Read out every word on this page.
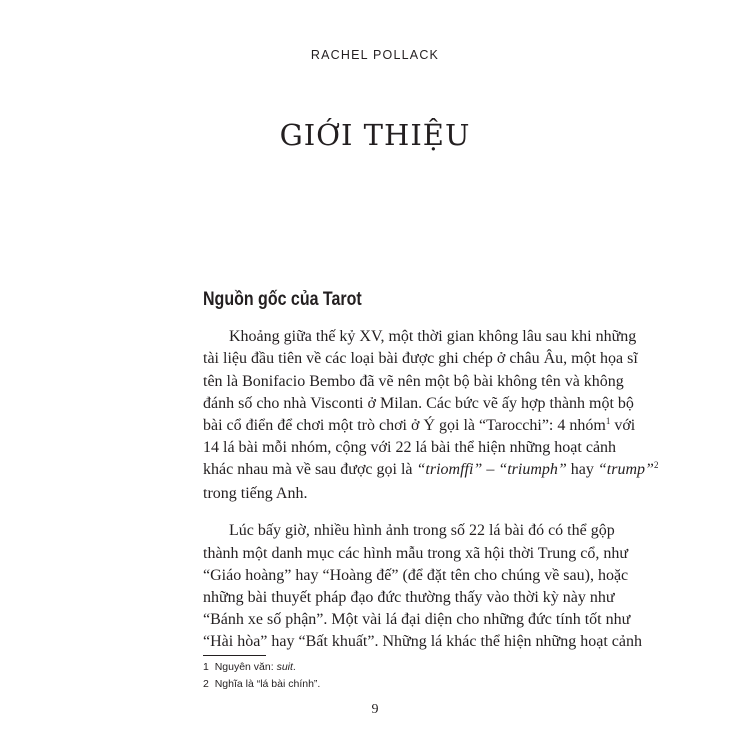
RACHEL POLLACK
GIỚI THIỆU
Nguồn gốc của Tarot
Khoảng giữa thế kỷ XV, một thời gian không lâu sau khi những
tài liệu đầu tiên về các loại bài được ghi chép ở châu Âu, một họa sĩ
tên là Bonifacio Bembo đã vẽ nên một bộ bài không tên và không
đánh số cho nhà Visconti ở Milan. Các bức vẽ ấy hợp thành một bộ
bài cổ điển để chơi một trò chơi ở Ý gọi là “Tarocchi”: 4 nhóm$^1$ với
14 lá bài mỗi nhóm, cộng với 22 lá bài thể hiện những hoạt cảnh
khác nhau mà về sau được gọi là “triomffi” – “triumph” hay “trump”$^2$
trong tiếng Anh.
Lúc bấy giờ, nhiều hình ảnh trong số 22 lá bài đó có thể gộp
thành một danh mục các hình mẫu trong xã hội thời Trung cổ, như
“Giáo hoàng” hay “Hoàng đế” (để đặt tên cho chúng về sau), hoặc
những bài thuyết pháp đạo đức thường thấy vào thời kỳ này như
“Bánh xe số phận”. Một vài lá đại diện cho những đức tính tốt như
“Hài hòa” hay “Bất khuất”. Những lá khác thể hiện những hoạt cảnh
1 Nguyên văn: suit.
2 Nghĩa là “lá bài chính”.
9
